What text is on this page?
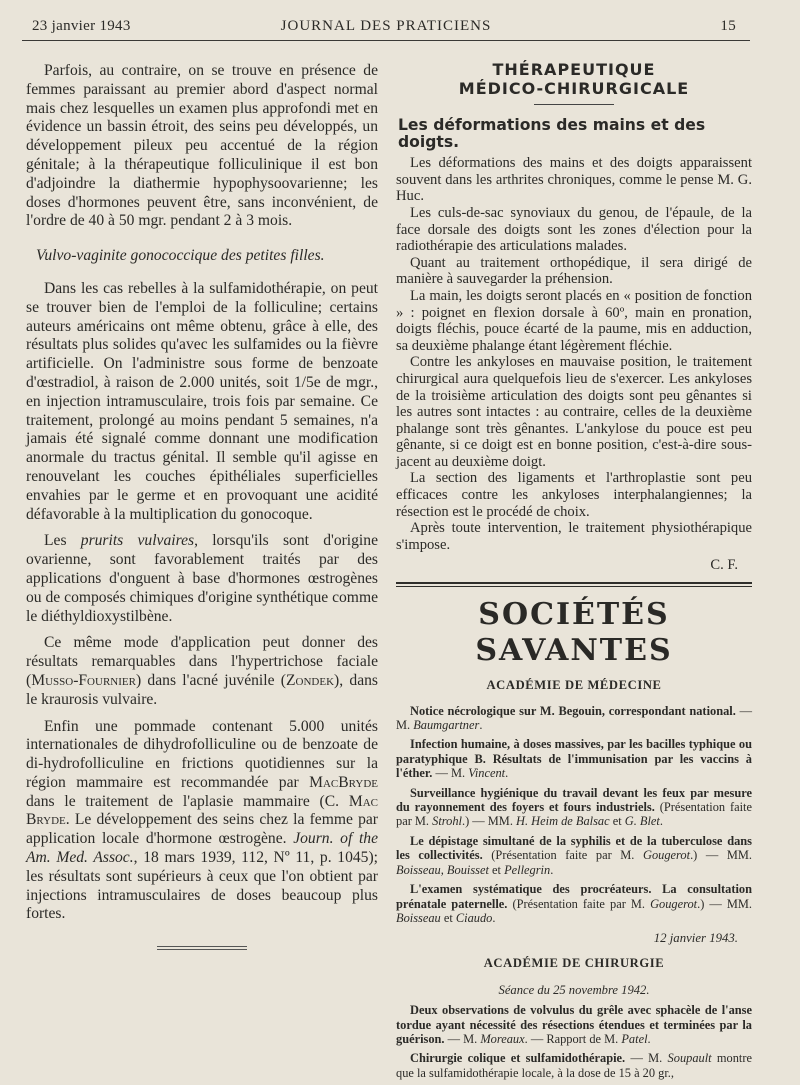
23 janvier 1943	JOURNAL DES PRATICIENS	15

Parfois, au contraire, on se trouve en présence de femmes paraissant au premier abord d'aspect normal mais chez lesquelles un examen plus approfondi met en évidence un bassin étroit, des seins peu développés, un développement pileux peu accentué de la région génitale; à la thérapeutique folliculinique il est bon d'adjoindre la diathermie hypophysoovarienne; les doses d'hormones peuvent être, sans inconvénient, de l'ordre de 40 à 50 mgr. pendant 2 à 3 mois.

Vulvo-vaginite gonococcique des petites filles.

Dans les cas rebelles à la sulfamidothérapie, on peut se trouver bien de l'emploi de la folliculine; certains auteurs américains ont même obtenu, grâce à elle, des résultats plus solides qu'avec les sulfamides ou la fièvre artificielle. On l'administre sous forme de benzoate d'œstradiol, à raison de 2.000 unités, soit 1/5e de mgr., en injection intramusculaire, trois fois par semaine. Ce traitement, prolongé au moins pendant 5 semaines, n'a jamais été signalé comme donnant une modification anormale du tractus génital. Il semble qu'il agisse en renouvelant les couches épithéliales superficielles envahies par le germe et en provoquant une acidité défavorable à la multiplication du gonocoque.

Les prurits vulvaires, lorsqu'ils sont d'origine ovarienne, sont favorablement traités par des applications d'onguent à base d'hormones œstrogènes ou de composés chimiques d'origine synthétique comme le diéthyldioxystilbène.

Ce même mode d'application peut donner des résultats remarquables dans l'hypertrichose faciale (Musso-Fournier) dans l'acné juvénile (Zondek), dans le kraurosis vulvaire.

Enfin une pommade contenant 5.000 unités internationales de dihydrofolliculine ou de benzoate de di-hydrofolliculine en frictions quotidiennes sur la région mammaire est recommandée par MacBryde dans le traitement de l'aplasie mammaire (C. Mac Bryde. Le développement des seins chez la femme par application locale d'hormone œstrogène. Journ. of the Am. Med. Assoc., 18 mars 1939, 112, Nº 11, p. 1045); les résultats sont supérieurs à ceux que l'on obtient par injections intramusculaires de doses beaucoup plus fortes.

THÉRAPEUTIQUE
MÉDICO-CHIRURGICALE
Les déformations des mains et des doigts.

Les déformations des mains et des doigts apparaissent souvent dans les arthrites chroniques, comme le pense M. G. Huc.

Les culs-de-sac synoviaux du genou, de l'épaule, de la face dorsale des doigts sont les zones d'élection pour la radiothérapie des articulations malades.

Quant au traitement orthopédique, il sera dirigé de manière à sauvegarder la préhension.

La main, les doigts seront placés en « position de fonction » : poignet en flexion dorsale à 60º, main en pronation, doigts fléchis, pouce écarté de la paume, mis en adduction, sa deuxième phalange étant légèrement fléchie.

Contre les ankyloses en mauvaise position, le traitement chirurgical aura quelquefois lieu de s'exercer. Les ankyloses de la troisième articulation des doigts sont peu gênantes si les autres sont intactes : au contraire, celles de la deuxième phalange sont très gênantes. L'ankylose du pouce est peu gênante, si ce doigt est en bonne position, c'est-à-dire sous-jacent au deuxième doigt.

La section des ligaments et l'arthroplastie sont peu efficaces contre les ankyloses interphalangiennes; la résection est le procédé de choix.

Après toute intervention, le traitement physiothérapique s'impose.

C. F.
SOCIÉTÉS SAVANTES
ACADÉMIE DE MÉDECINE

Notice nécrologique sur M. Begouin, correspondant national. — M. Baumgartner.

Infection humaine, à doses massives, par les bacilles typhique ou paratyphique B. Résultats de l'immunisation par les vaccins à l'éther. — M. Vincent.

Surveillance hygiénique du travail devant les feux par mesure du rayonnement des foyers et fours industriels. (Présentation faite par M. Strohl.) — MM. H. Heim de Balsac et G. Blet.

Le dépistage simultané de la syphilis et de la tuberculose dans les collectivités. (Présentation faite par M. Gougerot.) — MM. Boisseau, Bouisset et Pellegrin.

L'examen systématique des procréateurs. La consultation prénatale paternelle. (Présentation faite par M. Gougerot.) — MM. Boisseau et Ciaudo.

12 janvier 1943.
ACADÉMIE DE CHIRURGIE
Séance du 25 novembre 1942.

Deux observations de volvulus du grêle avec sphacèle de l'anse tordue ayant nécessité des résections étendues et terminées par la guérison. — M. Moreaux. — Rapport de M. Patel.

Chirurgie colique et sulfamidothérapie. — M. Soupault montre que la sulfamidothérapie locale, à la dose de 15 à 20 gr.,
